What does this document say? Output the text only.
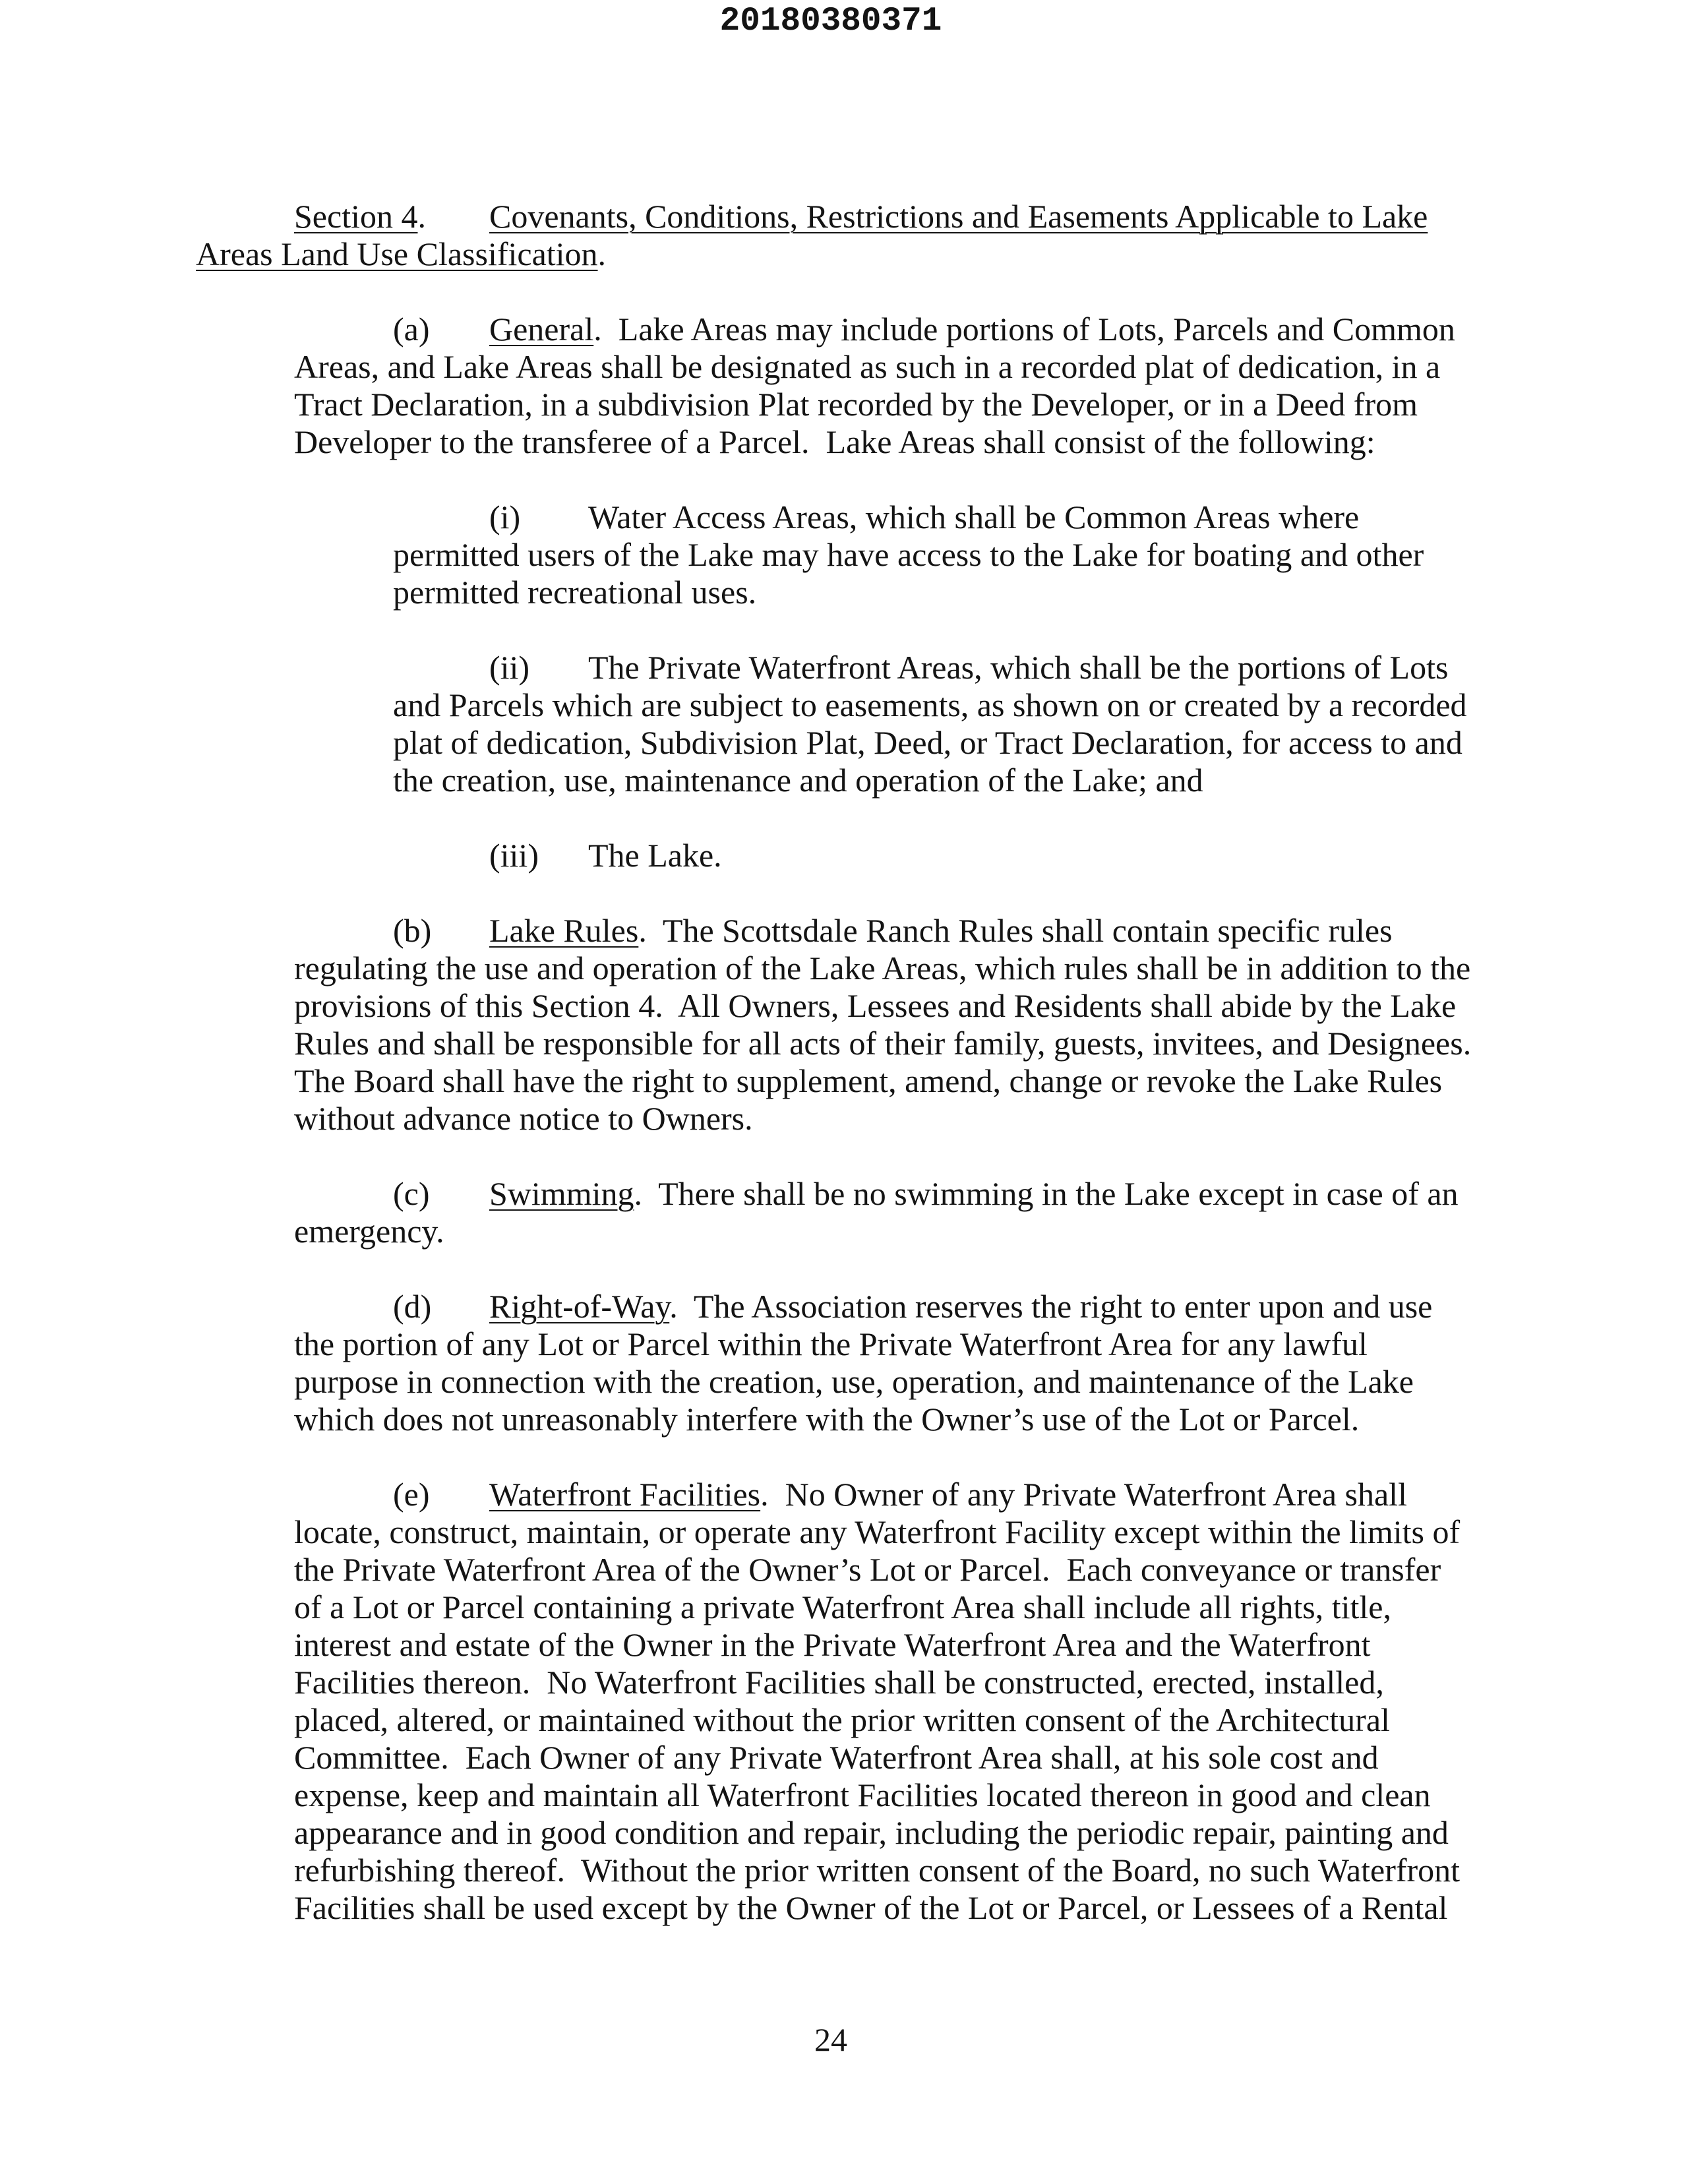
20180380371
Section 4. Covenants, Conditions, Restrictions and Easements Applicable to Lake
Areas Land Use Classification.
(a) General.  Lake Areas may include portions of Lots, Parcels and Common
Areas, and Lake Areas shall be designated as such in a recorded plat of dedication, in a
Tract Declaration, in a subdivision Plat recorded by the Developer, or in a Deed from
Developer to the transferee of a Parcel.  Lake Areas shall consist of the following:
(i) Water Access Areas, which shall be Common Areas where
permitted users of the Lake may have access to the Lake for boating and other
permitted recreational uses.
(ii) The Private Waterfront Areas, which shall be the portions of Lots
and Parcels which are subject to easements, as shown on or created by a recorded
plat of dedication, Subdivision Plat, Deed, or Tract Declaration, for access to and
the creation, use, maintenance and operation of the Lake; and
(iii) The Lake.
(b) Lake Rules.  The Scottsdale Ranch Rules shall contain specific rules
regulating the use and operation of the Lake Areas, which rules shall be in addition to the
provisions of this Section 4.  All Owners, Lessees and Residents shall abide by the Lake
Rules and shall be responsible for all acts of their family, guests, invitees, and Designees.
The Board shall have the right to supplement, amend, change or revoke the Lake Rules
without advance notice to Owners.
(c) Swimming.  There shall be no swimming in the Lake except in case of an
emergency.
(d) Right-of-Way.  The Association reserves the right to enter upon and use
the portion of any Lot or Parcel within the Private Waterfront Area for any lawful
purpose in connection with the creation, use, operation, and maintenance of the Lake
which does not unreasonably interfere with the Owner’s use of the Lot or Parcel.
(e) Waterfront Facilities.  No Owner of any Private Waterfront Area shall
locate, construct, maintain, or operate any Waterfront Facility except within the limits of
the Private Waterfront Area of the Owner’s Lot or Parcel.  Each conveyance or transfer
of a Lot or Parcel containing a private Waterfront Area shall include all rights, title,
interest and estate of the Owner in the Private Waterfront Area and the Waterfront
Facilities thereon.  No Waterfront Facilities shall be constructed, erected, installed,
placed, altered, or maintained without the prior written consent of the Architectural
Committee.  Each Owner of any Private Waterfront Area shall, at his sole cost and
expense, keep and maintain all Waterfront Facilities located thereon in good and clean
appearance and in good condition and repair, including the periodic repair, painting and
refurbishing thereof.  Without the prior written consent of the Board, no such Waterfront
Facilities shall be used except by the Owner of the Lot or Parcel, or Lessees of a Rental
24
